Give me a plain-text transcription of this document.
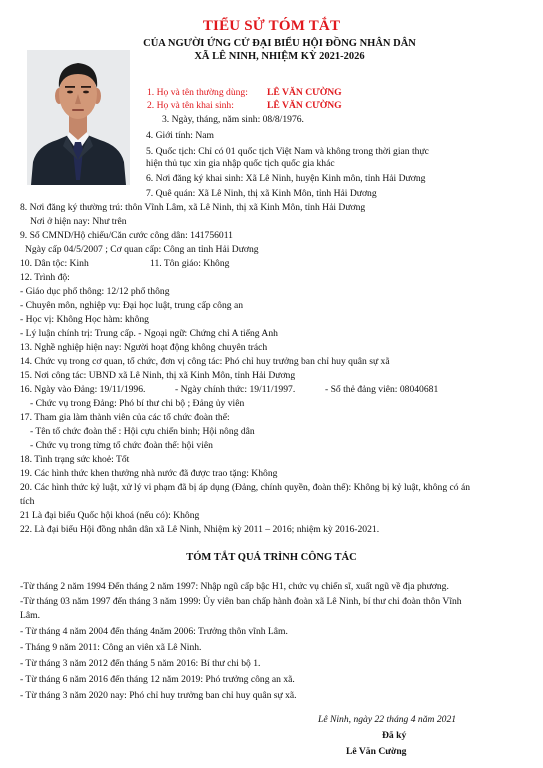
TIỂU SỬ TÓM TẮT
CỦA NGƯỜI ỨNG CỬ ĐẠI BIỂU HỘI ĐỒNG NHÂN DÂN
XÃ LÊ NINH, NHIỆM KỲ 2021-2026
1. Họ và tên thường dùng: LÊ VĂN CƯỜNG
2. Họ và tên khai sinh:	LÊ VĂN CƯỜNG
3. Ngày, tháng, năm sinh: 08/8/1976.
4. Giới tính: Nam
5. Quốc tịch: Chỉ có 01 quốc tịch Việt Nam và không trong thời gian thực
hiện thủ tục xin gia nhập quốc tịch quốc gia khác
6. Nơi đăng ký khai sinh: Xã Lê Ninh, huyện Kinh môn, tỉnh Hải Dương
7. Quê quán: Xã Lê Ninh, thị xã Kinh Môn, tỉnh Hải Dương
8. Nơi đăng ký thường trú: thôn Vĩnh Lâm, xã Lê Ninh, thị xã Kinh Môn, tỉnh Hải Dương
Nơi ở hiện nay: Như trên
9. Số CMND/Hộ chiếu/Căn cước công dân: 141756011
Ngày cấp 04/5/2007 ; Cơ quan cấp: Công an tỉnh Hải Dương
10. Dân tộc: Kinh	11. Tôn giáo: Không
12. Trình độ:
- Giáo dục phổ thông: 12/12 phổ thông
- Chuyên môn, nghiệp vụ: Đại học luật, trung cấp công an
- Học vị: Không Học hàm: không
- Lý luận chính trị: Trung cấp. - Ngoại ngữ: Chứng chỉ A tiếng Anh
13. Nghề nghiệp hiện nay: Người hoạt động không chuyên trách
14. Chức vụ trong cơ quan, tổ chức, đơn vị công tác: Phó chỉ huy trưởng ban chỉ huy quân sự xã
15. Nơi công tác: UBND xã Lê Ninh, thị xã Kinh Môn, tỉnh Hải Dương
16. Ngày vào Đảng: 19/11/1996.	- Ngày chính thức: 19/11/1997.	- Số thẻ đảng viên: 08040681
- Chức vụ trong Đảng: Phó bí thư chi bộ ; Đảng ủy viên
17. Tham gia làm thành viên của các tổ chức đoàn thể:
- Tên tổ chức đoàn thể : Hội cựu chiến binh; Hội nông dân
- Chức vụ trong từng tổ chức đoàn thể: hội viên
18. Tình trạng sức khoẻ: Tốt
19. Các hình thức khen thưởng nhà nước đã được trao tặng: Không
20. Các hình thức kỷ luật, xử lý vi phạm đã bị áp dụng (Đảng, chính quyền, đoàn thể): Không bị kỷ luật, không có án
tích
21 Là đại biểu Quốc hội khoá (nếu có): Không
22. Là đại biểu Hội đồng nhân dân xã Lê Ninh, Nhiệm kỳ 2011 – 2016; nhiệm kỳ 2016-2021.
TÓM TẮT QUÁ TRÌNH CÔNG TÁC
-Từ tháng 2 năm 1994 Đến tháng 2 năm 1997: Nhập ngũ cấp bậc H1, chức vụ chiến sĩ, xuất ngũ về địa phương.
-Từ tháng 03 năm 1997 đến tháng 3 năm 1999: Ủy viên ban chấp hành đoàn xã Lê Ninh, bí thư chi đoàn thôn Vĩnh
Lâm.
- Từ tháng 4 năm 2004 đến tháng 4năm 2006: Trưởng thôn vĩnh Lâm.
- Tháng 9 năm 2011: Công an viên xã Lê Ninh.
- Từ tháng 3 năm 2012 đến tháng 5 năm 2016: Bí thư chi bộ 1.
- Từ tháng 6 năm 2016 đến tháng 12 năm 2019: Phó trưởng công an xã.
- Từ tháng 3 năm 2020 nay: Phó chỉ huy trưởng ban chỉ huy quân sự xã.
Lê Ninh, ngày 22 tháng 4 năm 2021
Đã ký
Lê Văn Cường
